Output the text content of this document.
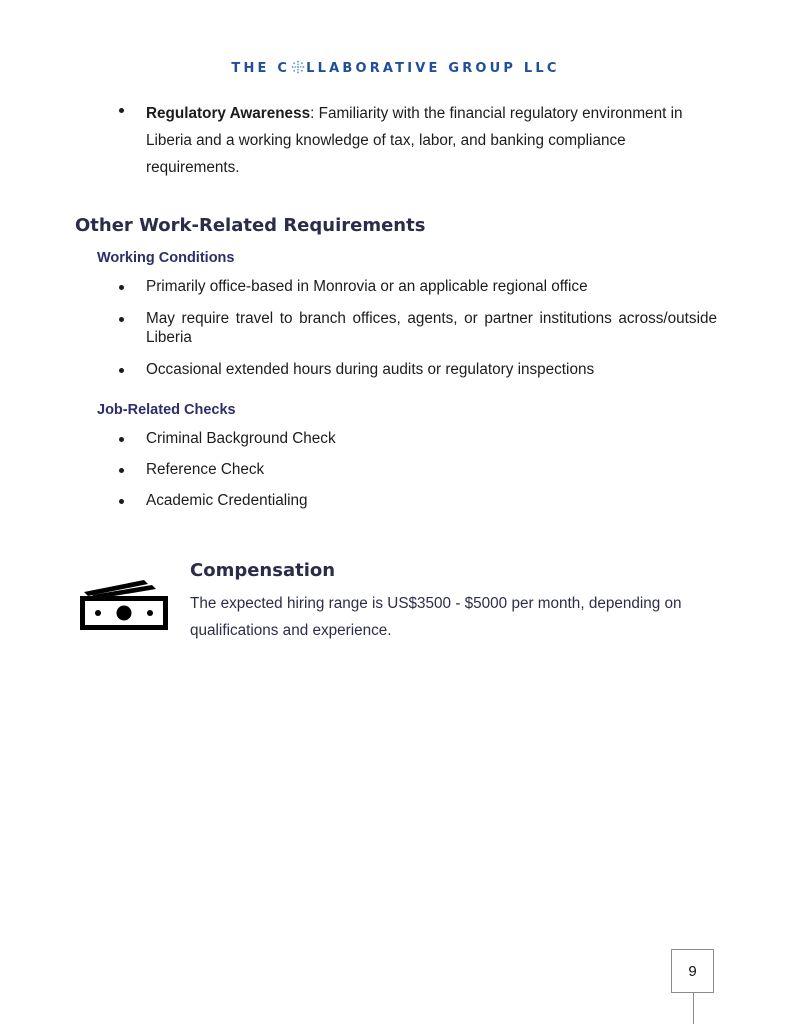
THE C LLABORATIVE GROUP LLC
Regulatory Awareness: Familiarity with the financial regulatory environment in Liberia and a working knowledge of tax, labor, and banking compliance requirements.
Other Work-Related Requirements
Working Conditions
Primarily office-based in Monrovia or an applicable regional office
May require travel to branch offices, agents, or partner institutions across/outside Liberia
Occasional extended hours during audits or regulatory inspections
Job-Related Checks
Criminal Background Check
Reference Check
Academic Credentialing
Compensation

The expected hiring range is US$3500 - $5000 per month, depending on qualifications and experience.

9
